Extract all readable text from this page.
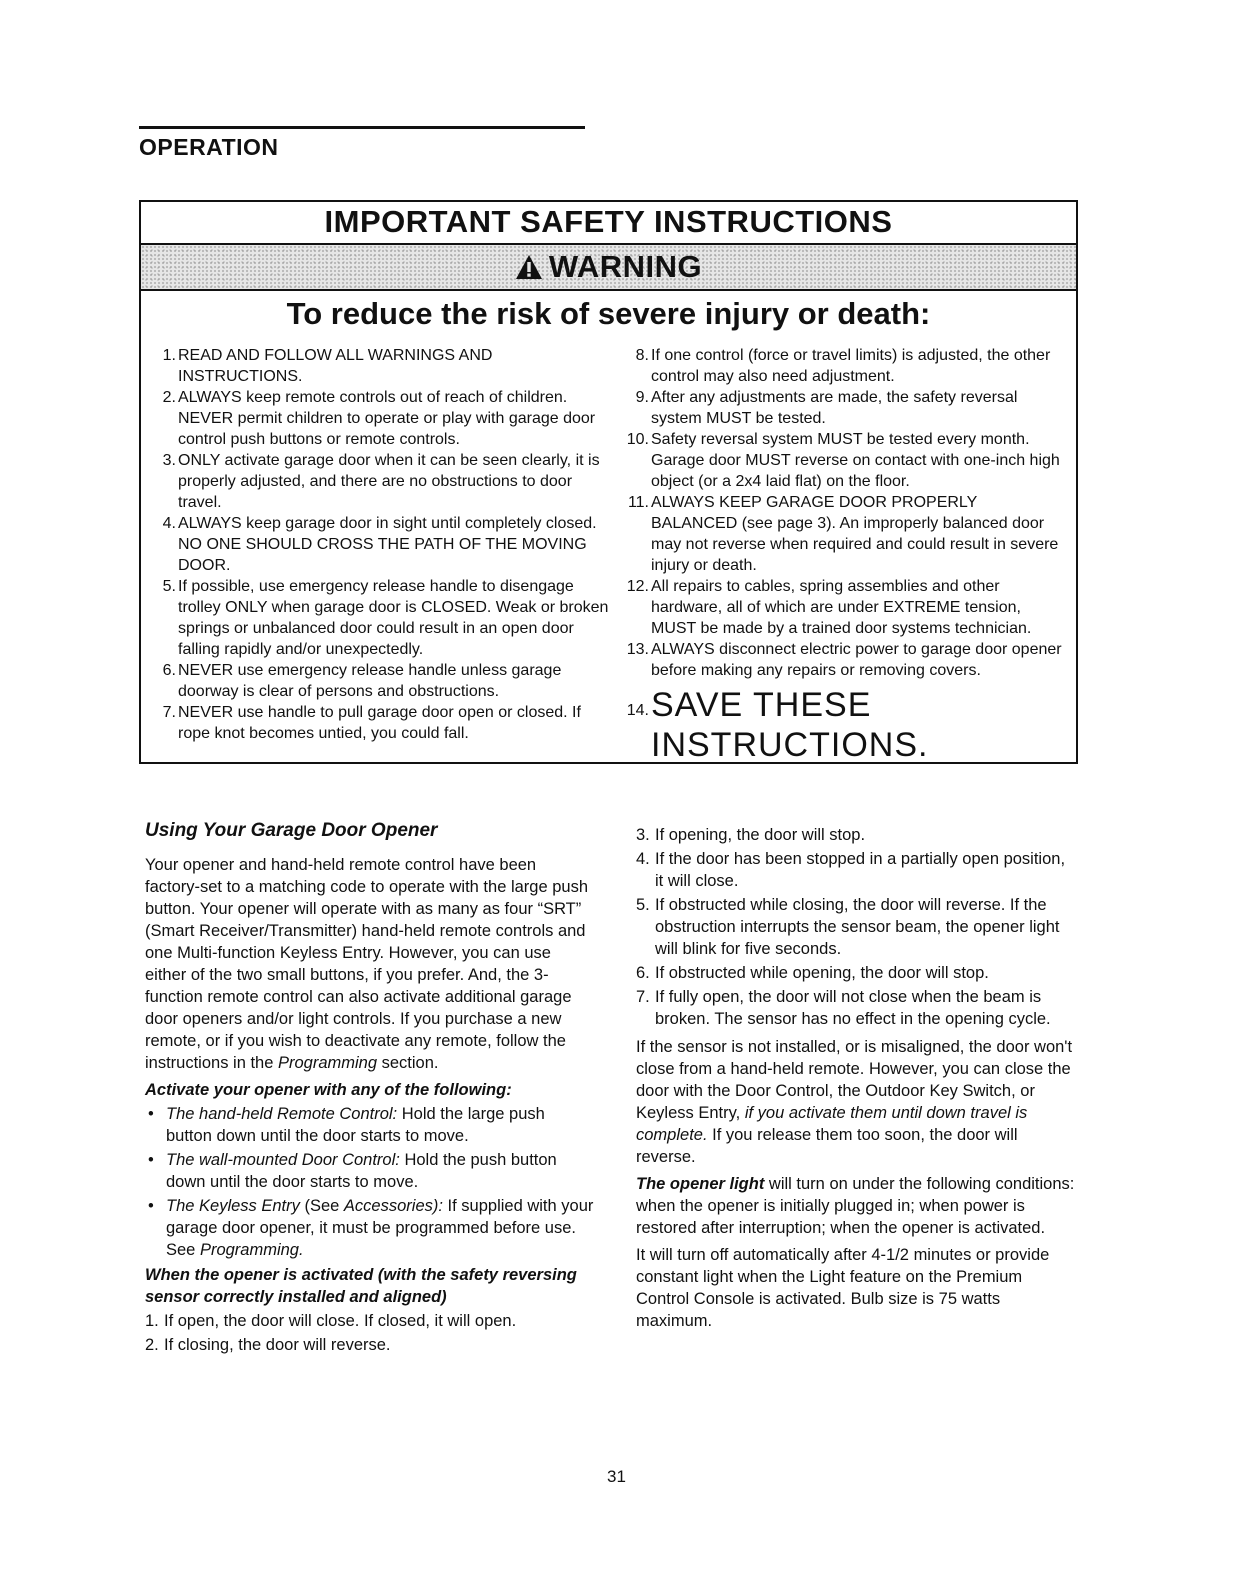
OPERATION
IMPORTANT SAFETY INSTRUCTIONS
WARNING
To reduce the risk of severe injury or death:
1. READ AND FOLLOW ALL WARNINGS AND INSTRUCTIONS.
2. ALWAYS keep remote controls out of reach of children. NEVER permit children to operate or play with garage door control push buttons or remote controls.
3. ONLY activate garage door when it can be seen clearly, it is properly adjusted, and there are no obstructions to door travel.
4. ALWAYS keep garage door in sight until completely closed. NO ONE SHOULD CROSS THE PATH OF THE MOVING DOOR.
5. If possible, use emergency release handle to disengage trolley ONLY when garage door is CLOSED. Weak or broken springs or unbalanced door could result in an open door falling rapidly and/or unexpectedly.
6. NEVER use emergency release handle unless garage doorway is clear of persons and obstructions.
7. NEVER use handle to pull garage door open or closed. If rope knot becomes untied, you could fall.
8. If one control (force or travel limits) is adjusted, the other control may also need adjustment.
9. After any adjustments are made, the safety reversal system MUST be tested.
10. Safety reversal system MUST be tested every month. Garage door MUST reverse on contact with one-inch high object (or a 2x4 laid flat) on the floor.
11. ALWAYS KEEP GARAGE DOOR PROPERLY BALANCED (see page 3). An improperly balanced door may not reverse when required and could result in severe injury or death.
12. All repairs to cables, spring assemblies and other hardware, all of which are under EXTREME tension, MUST be made by a trained door systems technician.
13. ALWAYS disconnect electric power to garage door opener before making any repairs or removing covers.
14. SAVE THESE INSTRUCTIONS.
Using Your Garage Door Opener

Your opener and hand-held remote control have been factory-set to a matching code to operate with the large push button. Your opener will operate with as many as four “SRT” (Smart Receiver/Transmitter) hand-held remote controls and one Multi-function Keyless Entry. However, you can use either of the two small buttons, if you prefer. And, the 3-function remote control can also activate additional garage door openers and/or light controls. If you purchase a new remote, or if you wish to deactivate any remote, follow the instructions in the Programming section.

Activate your opener with any of the following:
• The hand-held Remote Control: Hold the large push button down until the door starts to move.
• The wall-mounted Door Control: Hold the push button down until the door starts to move.
• The Keyless Entry (See Accessories): If supplied with your garage door opener, it must be programmed before use. See Programming.
When the opener is activated (with the safety reversing sensor correctly installed and aligned)
1. If open, the door will close. If closed, it will open.
2. If closing, the door will reverse.
3. If opening, the door will stop.
4. If the door has been stopped in a partially open position, it will close.
5. If obstructed while closing, the door will reverse. If the obstruction interrupts the sensor beam, the opener light will blink for five seconds.
6. If obstructed while opening, the door will stop.
7. If fully open, the door will not close when the beam is broken. The sensor has no effect in the opening cycle.

If the sensor is not installed, or is misaligned, the door won't close from a hand-held remote. However, you can close the door with the Door Control, the Outdoor Key Switch, or Keyless Entry, if you activate them until down travel is complete. If you release them too soon, the door will reverse.

The opener light will turn on under the following conditions: when the opener is initially plugged in; when power is restored after interruption; when the opener is activated.

It will turn off automatically after 4-1/2 minutes or provide constant light when the Light feature on the Premium Control Console is activated. Bulb size is 75 watts maximum.

31
